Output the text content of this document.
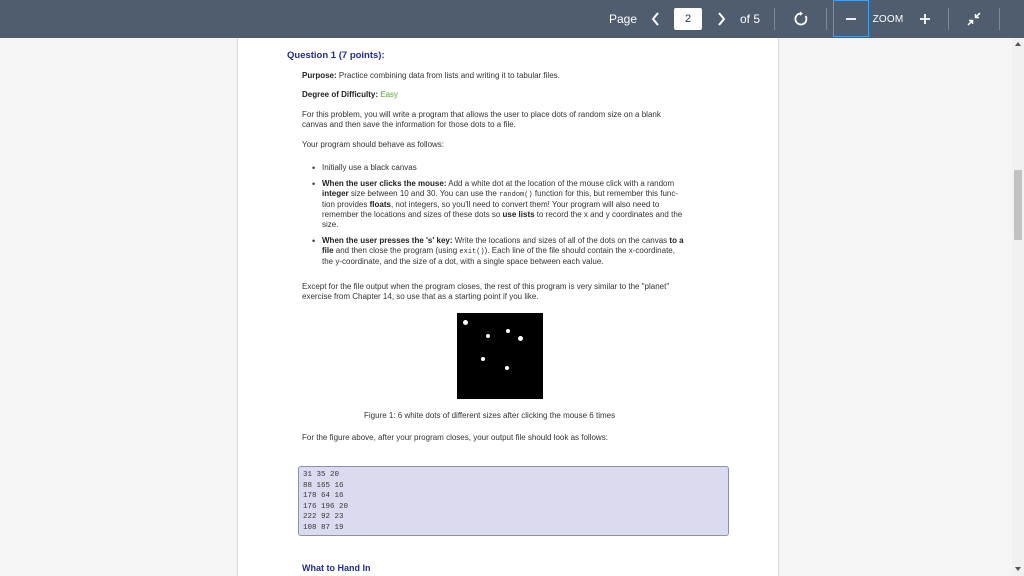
Page
2	of 5	ZOOM
Question 1 (7 points):
Purpose: Practice combining data from lists and writing it to tabular files.
Degree of Difficulty: Easy
For this problem, you will write a program that allows the user to place dots of random size on a blank
canvas and then save the information for those dots to a file.
Your program should behave as follows:
• Initially use a black canvas
• When the user clicks the mouse: Add a white dot at the location of the mouse click with a random
integer size between 10 and 30. You can use the random() function for this, but remember this func-
tion provides floats, not integers, so you'll need to convert them! Your program will also need to
remember the locations and sizes of these dots so use lists to record the x and y coordinates and the
size.
• When the user presses the 's' key: Write the locations and sizes of all of the dots on the canvas to a
file and then close the program (using exit()). Each line of the file should contain the x-coordinate,
the y-coordinate, and the size of a dot, with a single space between each value.
Except for the file output when the program closes, the rest of this program is very similar to the "planet"
exercise from Chapter 14, so use that as a starting point if you like.
Figure 1: 6 white dots of different sizes after clicking the mouse 6 times
For the figure above, after your program closes, your output file should look as follows:
31 35 20
88 165 16
178 64 16
176 196 20
222 92 23
108 87 19
What to Hand In
